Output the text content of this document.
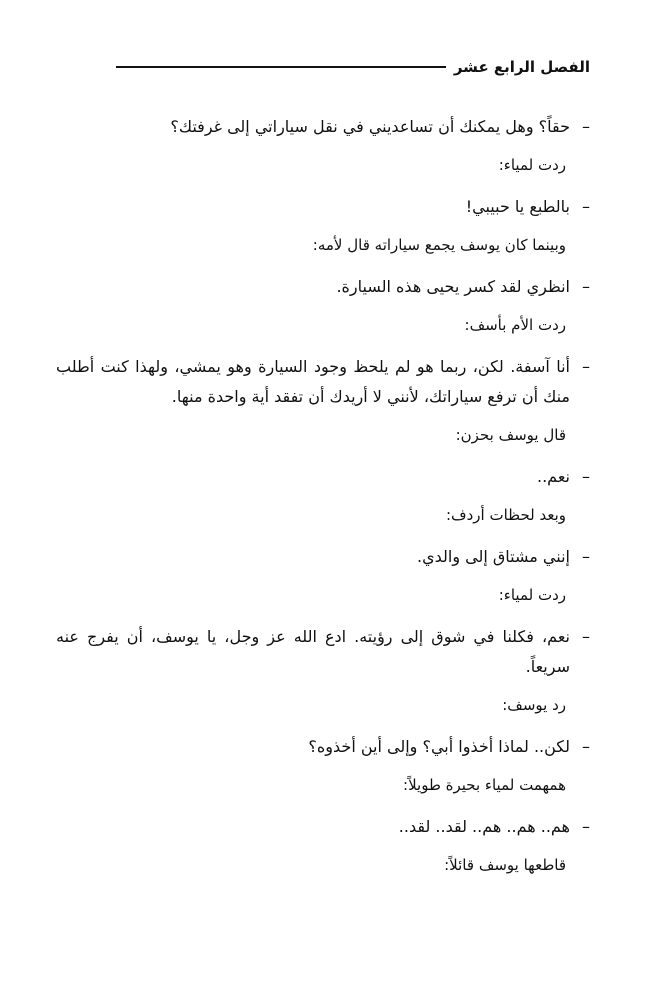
الفصل الرابع عشر

–
حقاً؟ وهل يمكنك أن تساعديني في نقل سياراتي إلى غرفتك؟

ردت لمياء:

–
بالطبع يا حبيبي!

وبينما كان يوسف يجمع سياراته قال لأمه:

–
انظري لقد كسر يحيى هذه السيارة.

ردت الأم بأسف:

–
أنا آسفة. لكن، ربما هو لم يلحظ وجود السيارة وهو يمشي، ولهذا كنت أطلب منك أن ترفع سياراتك، لأنني لا أريدك أن تفقد أية واحدة منها.

قال يوسف بحزن:

–
نعم..

وبعد لحظات أردف:

–
إنني مشتاق إلى والدي.

ردت لمياء:

–
نعم، فكلنا في شوق إلى رؤيته. ادع الله عز وجل، يا يوسف، أن يفرج عنه سريعاً.

رد يوسف:

–
لكن.. لماذا أخذوا أبي؟ وإلى أين أخذوه؟

همهمت لمياء بحيرة طويلاً:

–
هم.. هم.. هم.. لقد.. لقد..

قاطعها يوسف قائلاً:
